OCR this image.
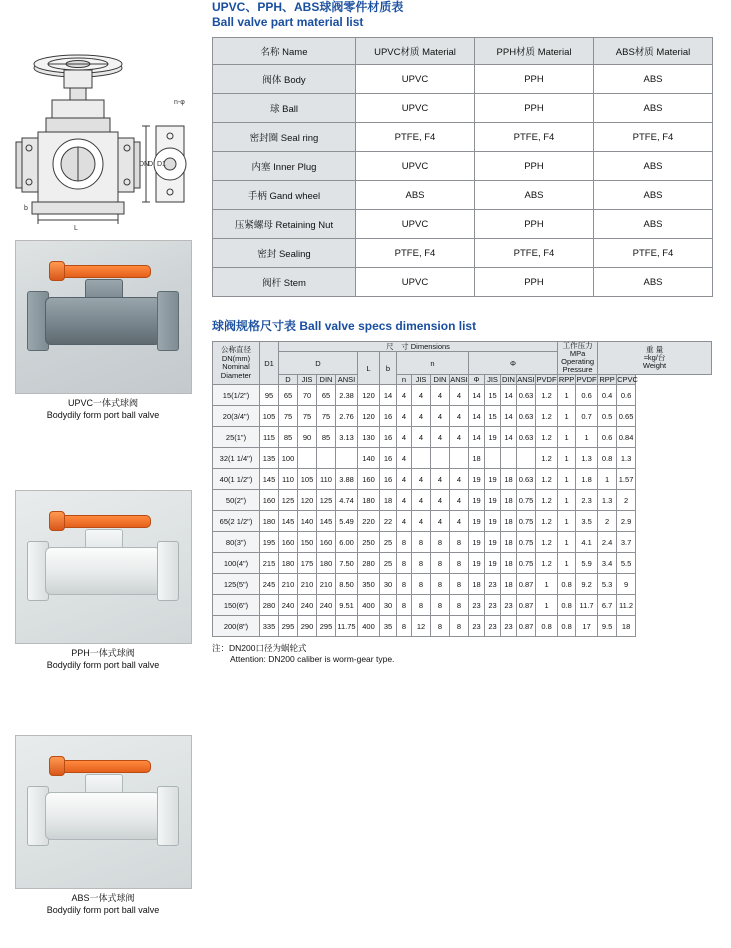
n-φ
DN
D D1
L
b
UPVC一体式球阀
Bodydily form port ball valve
PPH一体式球阀
Bodydily form port ball valve
ABS一体式球阀
Bodydily form port ball valve
UPVC、PPH、ABS球阀零件材质表
Ball valve part material list
名称 Name	UPVC材质 Material	PPH材质 Material	ABS材质 Material
阀体 Body	UPVC	PPH	ABS
球 Ball	UPVC	PPH	ABS
密封圈 Seal ring	PTFE, F4	PTFE, F4	PTFE, F4
内塞 Inner Plug	UPVC	PPH	ABS
手柄 Gand wheel	ABS	ABS	ABS
压紧螺母 Retaining Nut	UPVC	PPH	ABS
密封 Sealing	PTFE, F4	PTFE, F4	PTFE, F4
阀杆 Stem	UPVC	PPH	ABS
球阀规格尺寸表 Ball valve specs dimension list
公称直径
DN(mm)
Nominal
Diameter	D1	尺　寸 Dimensions															工作压力
MPa
Operating
Pressure		重 量
≈kg/台
Weight	
		D				L	b	n				Φ								
		D	JIS	DIN	ANSI			n	JIS	DIN	ANSI	Φ	JIS	DIN	ANSI	PVDF	RPP	PVDF	RPP	CPVC
15(1/2")	95	65	70	65	2.38	120	14	4	4	4	4	14	15	14	0.63	1.2	1	0.6	0.4	0.6
20(3/4")	105	75	75	75	2.76	120	16	4	4	4	4	14	15	14	0.63	1.2	1	0.7	0.5	0.65
25(1")	115	85	90	85	3.13	130	16	4	4	4	4	14	19	14	0.63	1.2	1	1	0.6	0.84
32(1 1/4")	135	100				140	16	4				18				1.2	1	1.3	0.8	1.3
40(1 1/2")	145	110	105	110	3.88	160	16	4	4	4	4	19	19	18	0.63	1.2	1	1.8	1	1.57
50(2")	160	125	120	125	4.74	180	18	4	4	4	4	19	19	18	0.75	1.2	1	2.3	1.3	2
65(2 1/2")	180	145	140	145	5.49	220	22	4	4	4	4	19	19	18	0.75	1.2	1	3.5	2	2.9
80(3")	195	160	150	160	6.00	250	25	8	8	8	8	19	19	18	0.75	1.2	1	4.1	2.4	3.7
100(4")	215	180	175	180	7.50	280	25	8	8	8	8	19	19	18	0.75	1.2	1	5.9	3.4	5.5
125(5")	245	210	210	210	8.50	350	30	8	8	8	8	18	23	18	0.87	1	0.8	9.2	5.3	9
150(6")	280	240	240	240	9.51	400	30	8	8	8	8	23	23	23	0.87	1	0.8	11.7	6.7	11.2
200(8")	335	295	290	295	11.75	400	35	8	12	8	8	23	23	23	0.87	0.8	0.8	17	9.5	18
注：DN200口径为蜗轮式
Attention: DN200 caliber is worm-gear type.
